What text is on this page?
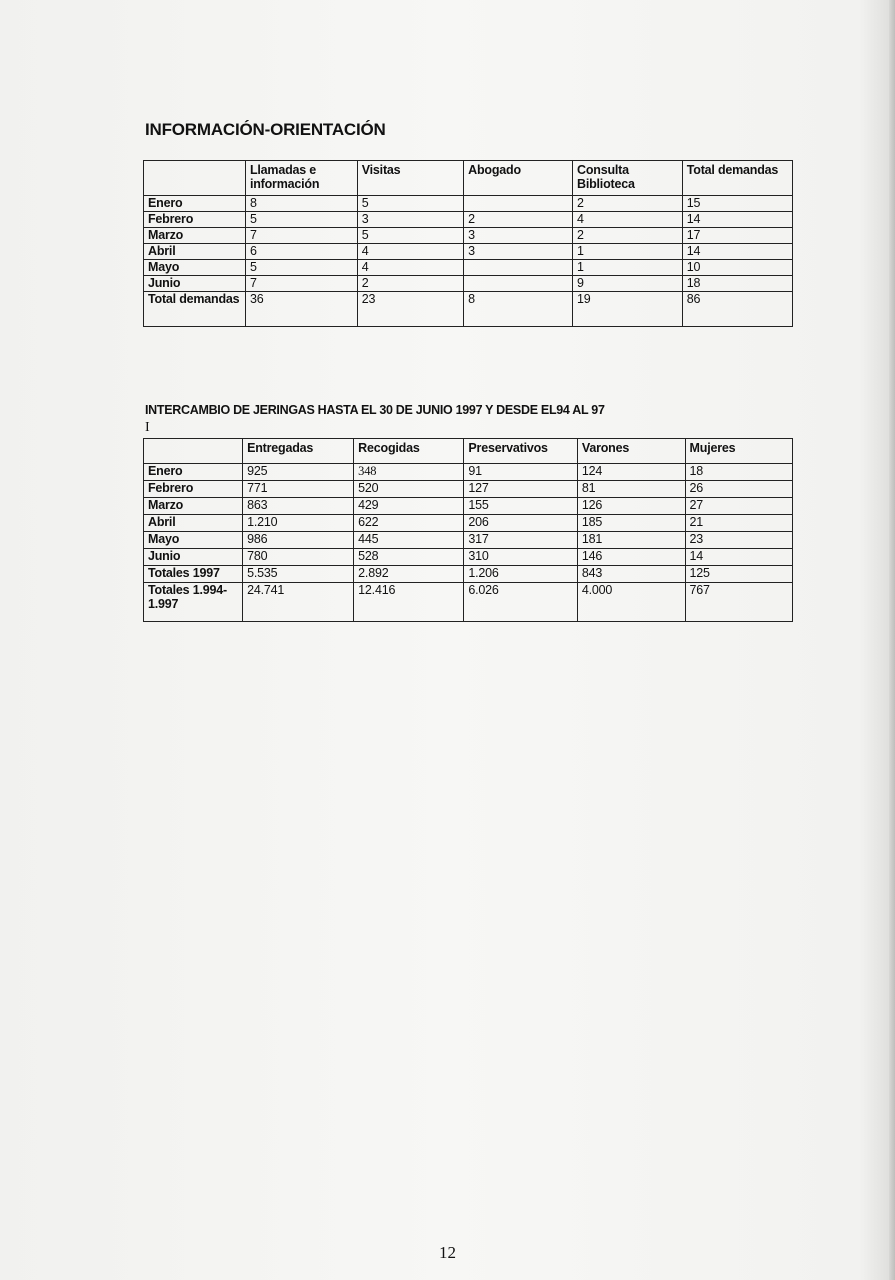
INFORMACIÓN-ORIENTACIÓN
	Llamadas e información	Visitas	Abogado	Consulta Biblioteca	Total demandas
Enero	8	5		2	15
Febrero	5	3	2	4	14
Marzo	7	5	3	2	17
Abril	6	4	3	1	14
Mayo	5	4		1	10
Junio	7	2		9	18
Total demandas	36	23	8	19	86
INTERCAMBIO DE JERINGAS HASTA EL 30 DE JUNIO 1997 Y DESDE EL94 AL 97
I
	Entregadas	Recogidas	Preservativos	Varones	Mujeres
Enero	925	348	91	124	18
Febrero	771	520	127	81	26
Marzo	863	429	155	126	27
Abril	1.210	622	206	185	21
Mayo	986	445	317	181	23
Junio	780	528	310	146	14
Totales 1997	5.535	2.892	1.206	843	125
Totales 1.994-1.997	24.741	12.416	6.026	4.000	767
12
